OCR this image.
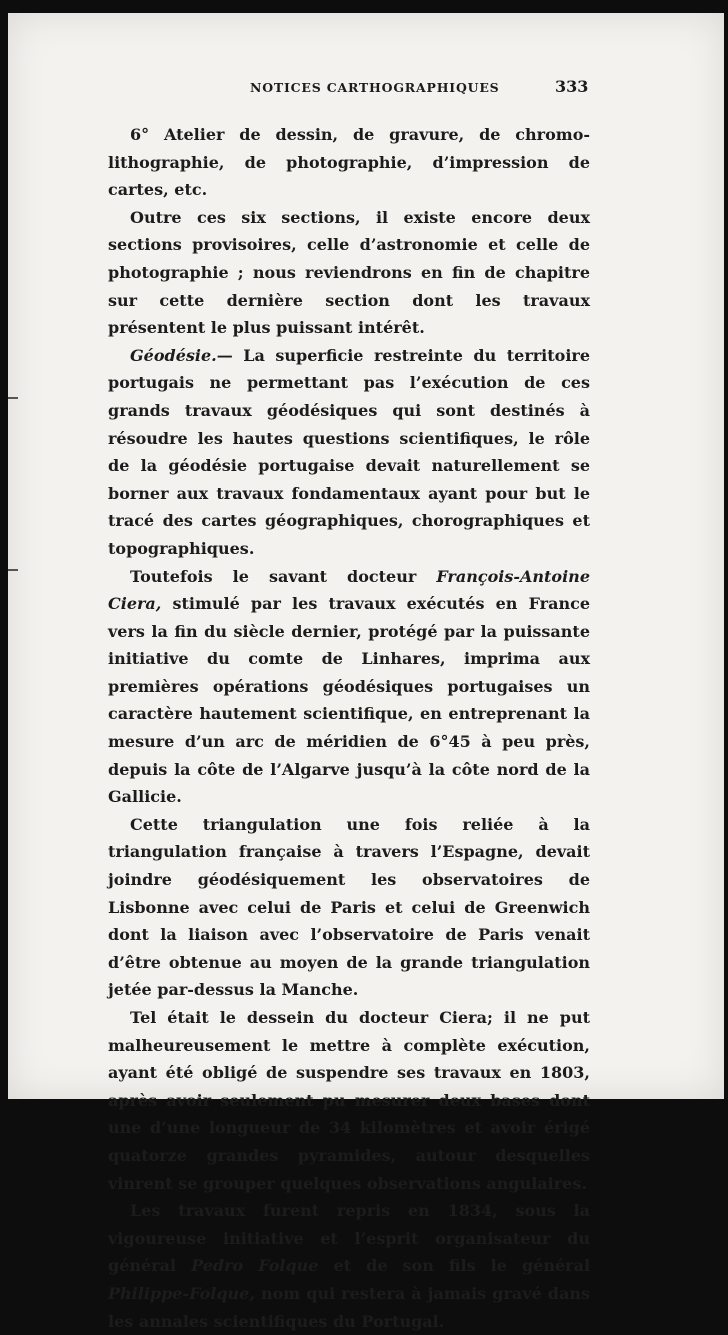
NOTICES CARTHOGRAPHIQUES	333

6° Atelier de dessin, de gravure, de chromo-lithographie, de photographie, d’impression de cartes, etc.

Outre ces six sections, il existe encore deux sections provisoires, celle d’astronomie et celle de photographie ; nous reviendrons en fin de chapitre sur cette dernière section dont les travaux présentent le plus puissant intérêt.

Géodésie.— La superficie restreinte du territoire portugais ne permettant pas l’exécution de ces grands travaux géodésiques qui sont destinés à résoudre les hautes questions scientifiques, le rôle de la géodésie portugaise devait naturellement se borner aux travaux fondamentaux ayant pour but le tracé des cartes géographiques, chorographiques et topographiques.

Toutefois le savant docteur François-Antoine Ciera, stimulé par les travaux exécutés en France vers la fin du siècle dernier, protégé par la puissante initiative du comte de Linhares, imprima aux premières opérations géodésiques portugaises un caractère hautement scientifique, en entreprenant la mesure d’un arc de méridien de 6°45 à peu près, depuis la côte de l’Algarve jusqu’à la côte nord de la Gallicie.

Cette triangulation une fois reliée à la triangulation française à travers l’Espagne, devait joindre géodésiquement les observatoires de Lisbonne avec celui de Paris et celui de Greenwich dont la liaison avec l’observatoire de Paris venait d’être obtenue au moyen de la grande triangulation jetée par-dessus la Manche.

Tel était le dessein du docteur Ciera; il ne put malheureusement le mettre à complète exécution, ayant été obligé de suspendre ses travaux en 1803, après avoir seulement pu mesurer deux bases dont une d’une longueur de 34 kilomètres et avoir érigé quatorze grandes pyramides, autour desquelles vinrent se grouper quelques observations angulaires.

Les travaux furent repris en 1834, sous la vigoureuse initiative et l’esprit organisateur du général Pedro Folque et de son fils le général Philippe-Folque, nom qui restera à jamais gravé dans les annales scientifiques du Portugal.
